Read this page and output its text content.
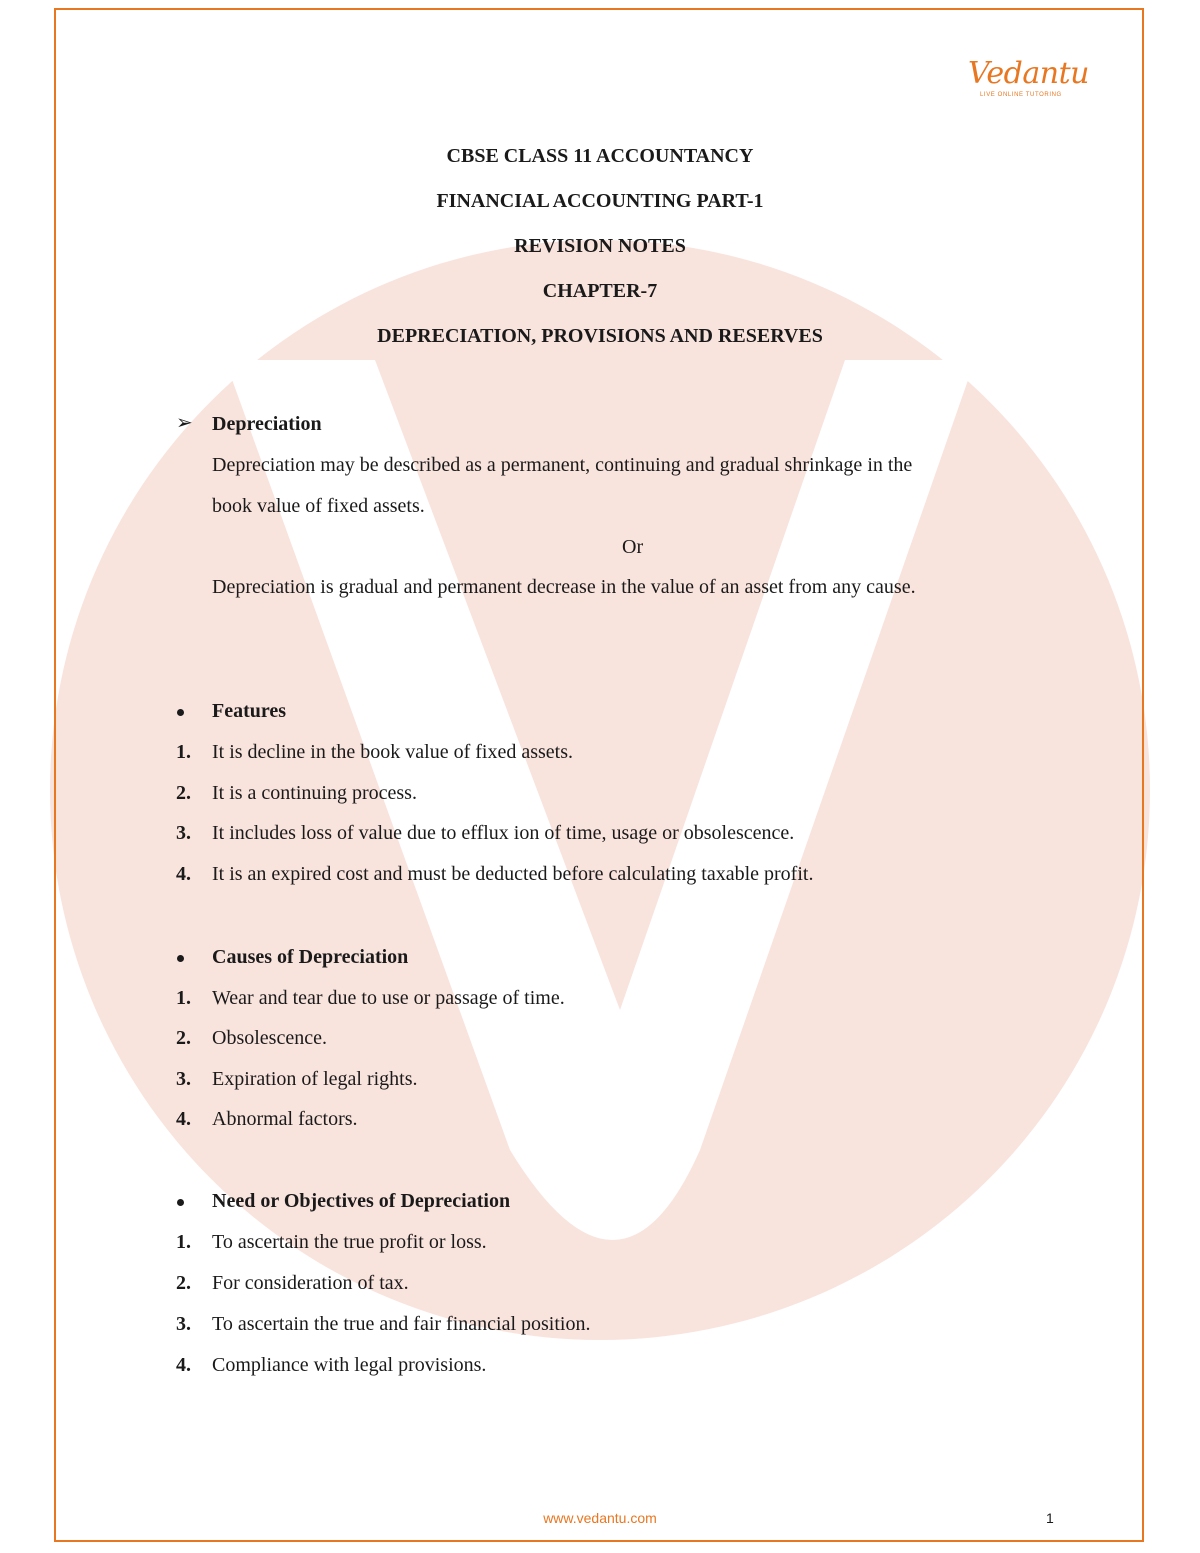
Vedantu
LIVE ONLINE TUTORING
CBSE CLASS 11 ACCOUNTANCY
FINANCIAL ACCOUNTING PART-1
REVISION NOTES
CHAPTER-7
DEPRECIATION, PROVISIONS AND RESERVES
➢ Depreciation
Depreciation may be described as a permanent, continuing and gradual shrinkage in the
book value of fixed assets.
Or
Depreciation is gradual and permanent decrease in the value of an asset from any cause.
Features
1. It is decline in the book value of fixed assets.
2. It is a continuing process.
3. It includes loss of value due to efflux ion of time, usage or obsolescence.
4. It is an expired cost and must be deducted before calculating taxable profit.
Causes of Depreciation
1. Wear and tear due to use or passage of time.
2. Obsolescence.
3. Expiration of legal rights.
4. Abnormal factors.
Need or Objectives of Depreciation
1. To ascertain the true profit or loss.
2. For consideration of tax.
3. To ascertain the true and fair financial position.
4. Compliance with legal provisions.
www.vedantu.com	1
